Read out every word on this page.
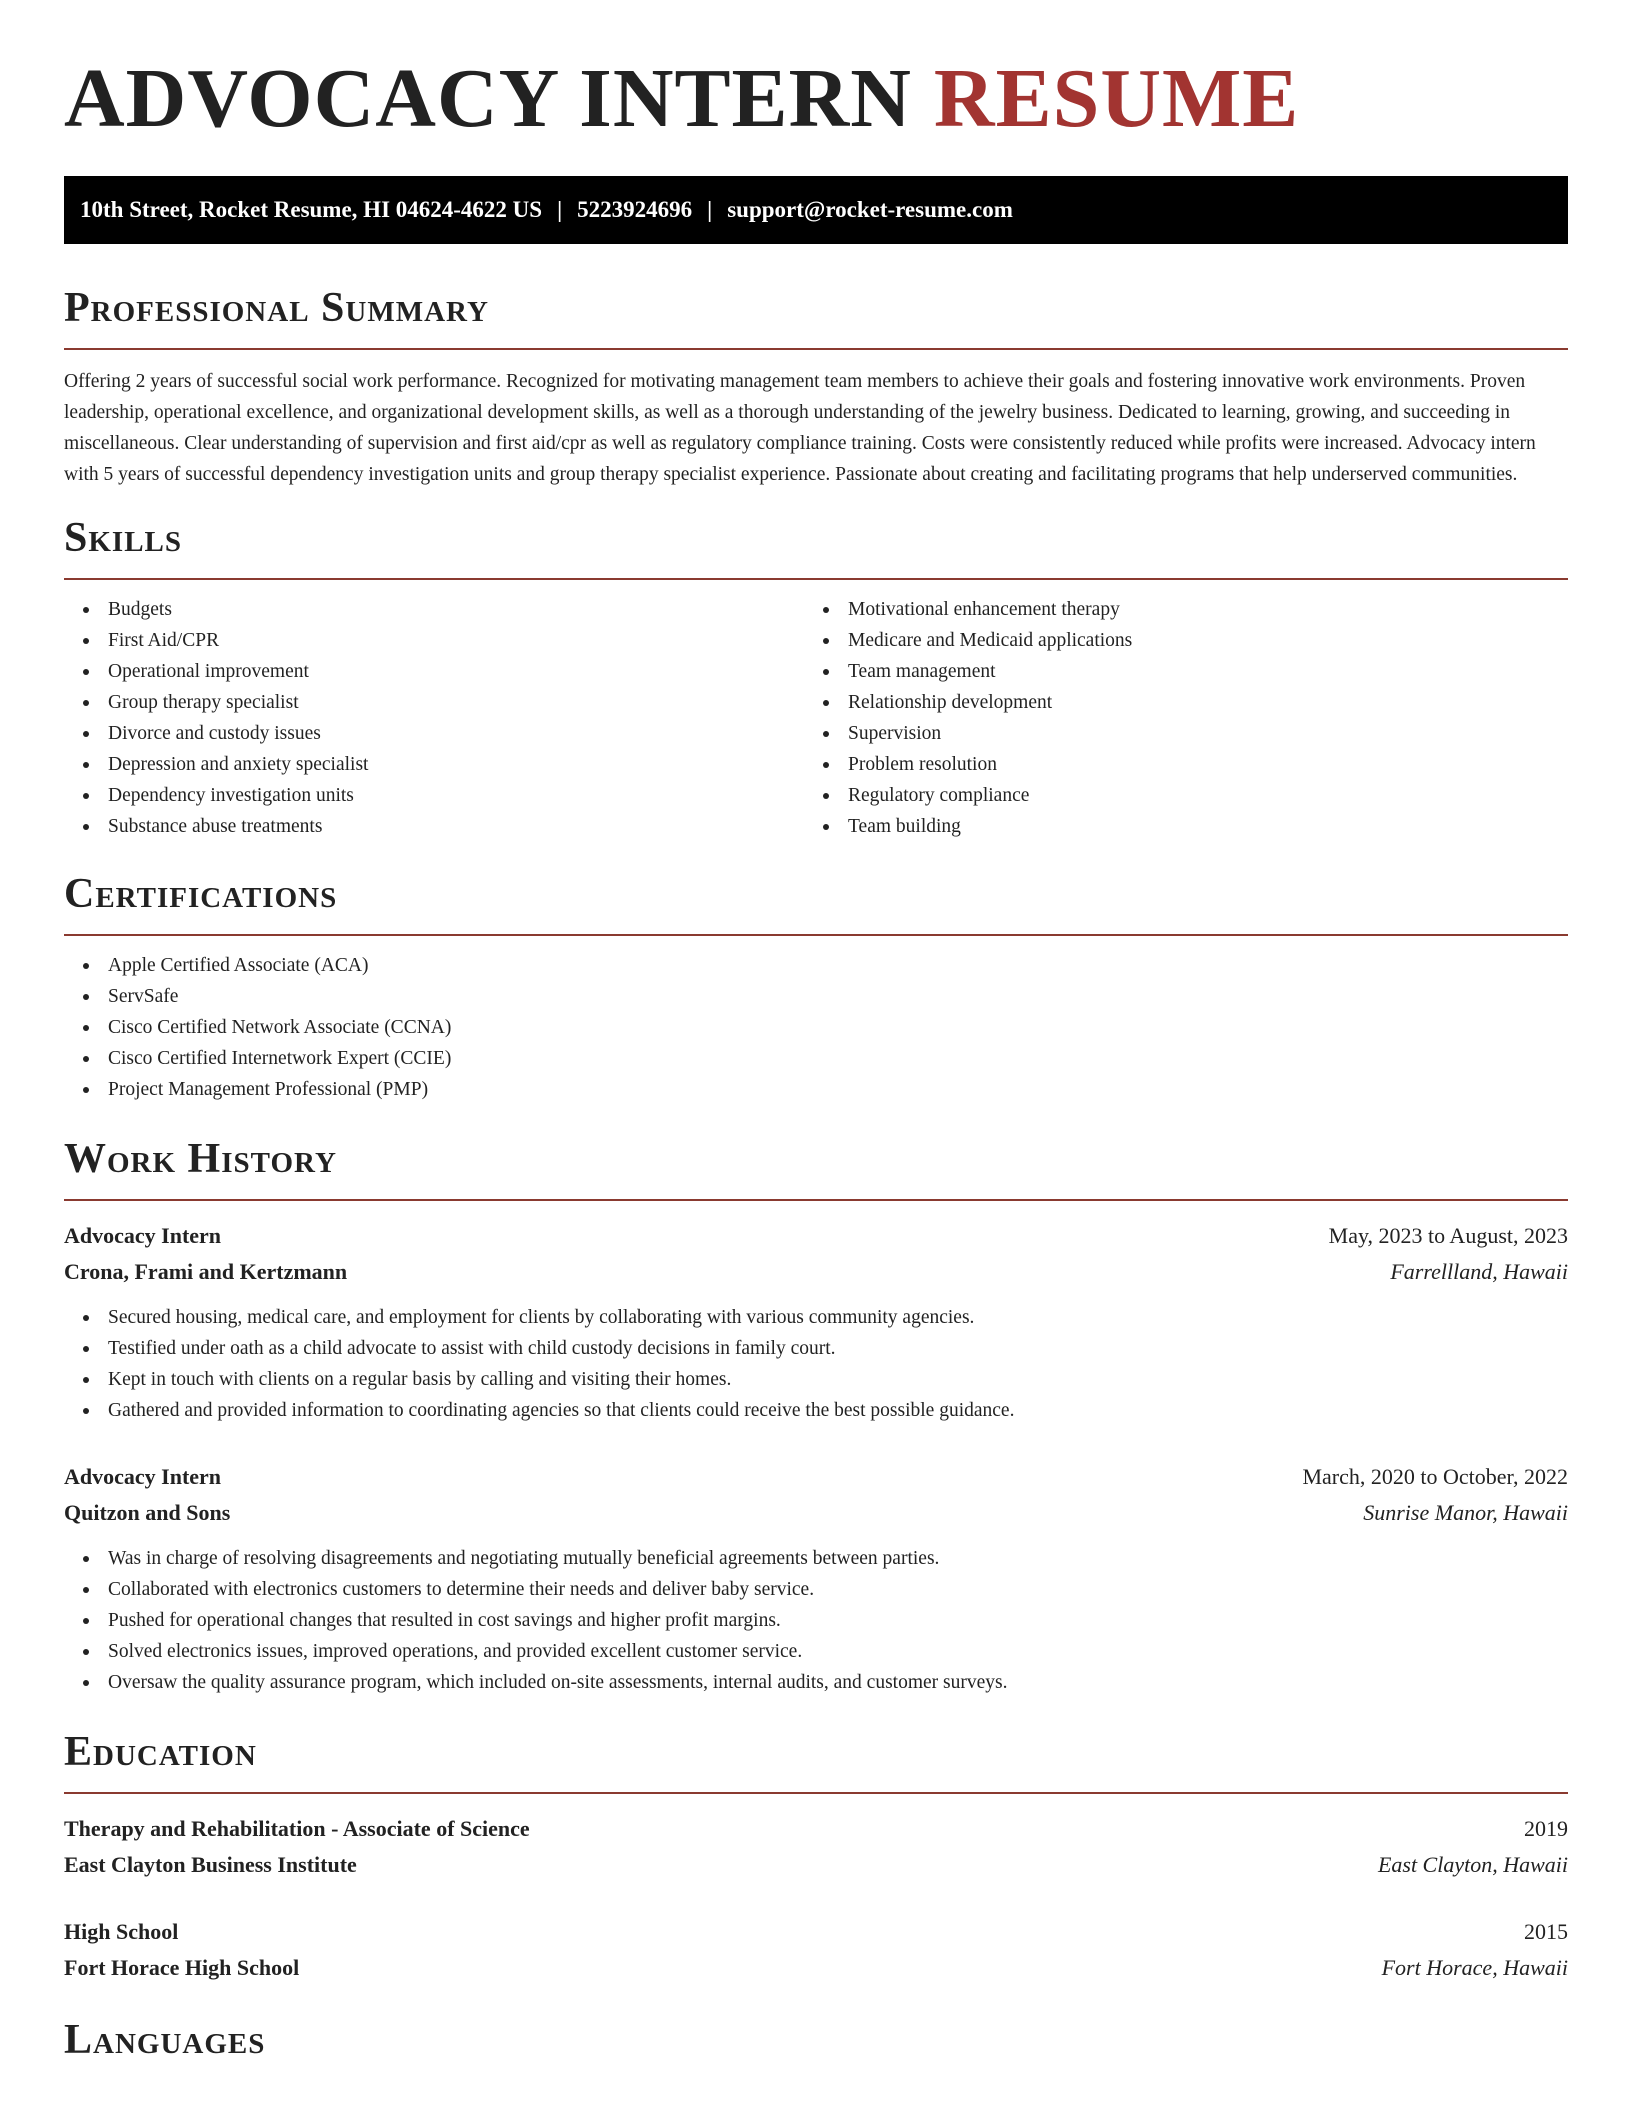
ADVOCACY INTERN RESUME
10th Street, Rocket Resume, HI 04624-4622 US | 5223924696 | support@rocket-resume.com
Professional Summary

Offering 2 years of successful social work performance. Recognized for motivating management team members to achieve their goals and fostering innovative work environments. Proven leadership, operational excellence, and organizational development skills, as well as a thorough understanding of the jewelry business. Dedicated to learning, growing, and succeeding in miscellaneous. Clear understanding of supervision and first aid/cpr as well as regulatory compliance training. Costs were consistently reduced while profits were increased. Advocacy intern with 5 years of successful dependency investigation units and group therapy specialist experience. Passionate about creating and facilitating programs that help underserved communities.

Skills
Budgets
First Aid/CPR
Operational improvement
Group therapy specialist
Divorce and custody issues
Depression and anxiety specialist
Dependency investigation units
Substance abuse treatments
Motivational enhancement therapy
Medicare and Medicaid applications
Team management
Relationship development
Supervision
Problem resolution
Regulatory compliance
Team building
Certifications
Apple Certified Associate (ACA)
ServSafe
Cisco Certified Network Associate (CCNA)
Cisco Certified Internetwork Expert (CCIE)
Project Management Professional (PMP)
Work History
Advocacy Intern	May, 2023 to August, 2023
Crona, Frami and Kertzmann	Farrellland, Hawaii
Secured housing, medical care, and employment for clients by collaborating with various community agencies.
Testified under oath as a child advocate to assist with child custody decisions in family court.
Kept in touch with clients on a regular basis by calling and visiting their homes.
Gathered and provided information to coordinating agencies so that clients could receive the best possible guidance.
Advocacy Intern	March, 2020 to October, 2022
Quitzon and Sons	Sunrise Manor, Hawaii
Was in charge of resolving disagreements and negotiating mutually beneficial agreements between parties.
Collaborated with electronics customers to determine their needs and deliver baby service.
Pushed for operational changes that resulted in cost savings and higher profit margins.
Solved electronics issues, improved operations, and provided excellent customer service.
Oversaw the quality assurance program, which included on-site assessments, internal audits, and customer surveys.
Education
Therapy and Rehabilitation - Associate of Science	2019
East Clayton Business Institute	East Clayton, Hawaii
High School	2015
Fort Horace High School	Fort Horace, Hawaii
Languages
